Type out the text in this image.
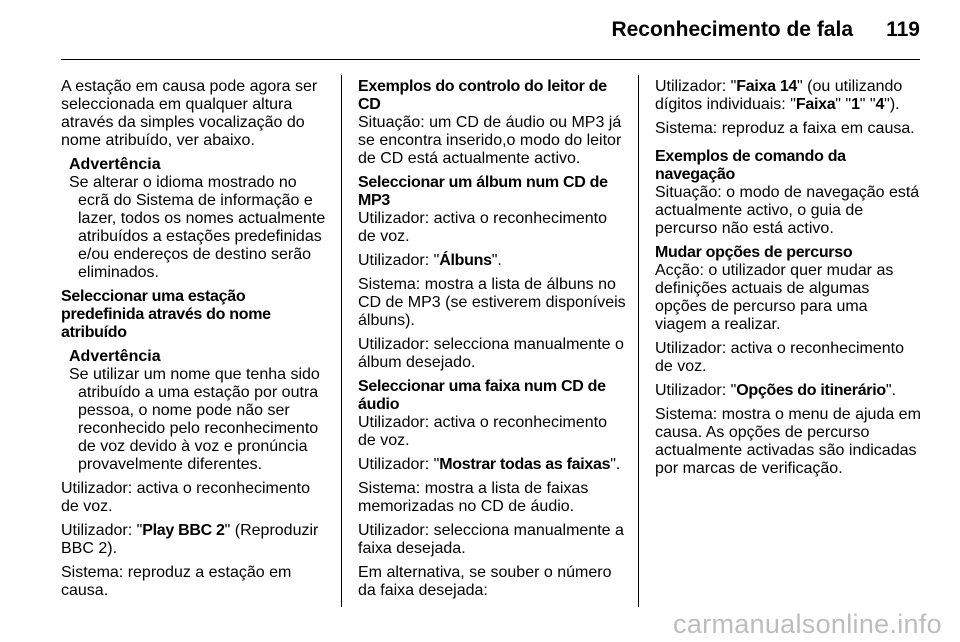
Reconhecimento de fala 119

A estação em causa pode agora ser seleccionada em qualquer altura através da simples vocalização do nome atribuído, ver abaixo.

Advertência
Se alterar o idioma mostrado no ecrã do Sistema de informação e lazer, todos os nomes actualmente atribuídos a estações predefinidas e/ou endereços de destino serão eliminados.

Seleccionar uma estação predefinida através do nome atribuído

Advertência
Se utilizar um nome que tenha sido atribuído a uma estação por outra pessoa, o nome pode não ser reconhecido pelo reconhecimento de voz devido à voz e pronúncia provavelmente diferentes.

Utilizador: activa o reconhecimento de voz.

Utilizador: "Play BBC 2" (Reproduzir BBC 2).

Sistema: reproduz a estação em causa.

Exemplos do controlo do leitor de CD

Situação: um CD de áudio ou MP3 já se encontra inserido,o modo do leitor de CD está actualmente activo.

Seleccionar um álbum num CD de MP3

Utilizador: activa o reconhecimento de voz.

Utilizador: "Álbuns".

Sistema: mostra a lista de álbuns no CD de MP3 (se estiverem disponíveis álbuns).

Utilizador: selecciona manualmente o álbum desejado.

Seleccionar uma faixa num CD de áudio

Utilizador: activa o reconhecimento de voz.

Utilizador: "Mostrar todas as faixas".

Sistema: mostra a lista de faixas memorizadas no CD de áudio.

Utilizador: selecciona manualmente a faixa desejada.

Em alternativa, se souber o número da faixa desejada:

Utilizador: "Faixa 14" (ou utilizando dígitos individuais: "Faixa" "1" "4").

Sistema: reproduz a faixa em causa.

Exemplos de comando da navegação

Situação: o modo de navegação está actualmente activo, o guia de percurso não está activo.

Mudar opções de percurso

Acção: o utilizador quer mudar as definições actuais de algumas opções de percurso para uma viagem a realizar.

Utilizador: activa o reconhecimento de voz.

Utilizador: "Opções do itinerário".

Sistema: mostra o menu de ajuda em causa. As opções de percurso actualmente activadas são indicadas por marcas de verificação.

carmanualsonline.info
